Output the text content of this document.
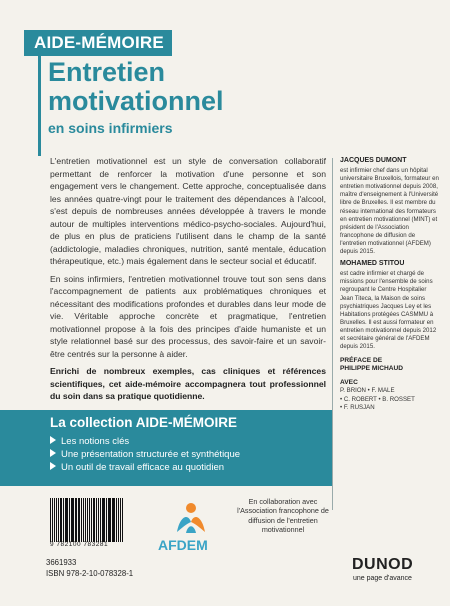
AIDE-MÉMOIRE
Entretien
motivationnel
en soins infirmiers

L'entretien motivationnel est un style de conversation collaboratif permettant de renforcer la motivation d'une personne et son engagement vers le changement. Cette approche, conceptualisée dans les années quatre-vingt pour le traitement des dépendances à l'alcool, s'est depuis de nombreuses années développée à travers le monde autour de multiples interventions médico-psycho-sociales. Aujourd'hui, de plus en plus de praticiens l'utilisent dans le champ de la santé (addictologie, maladies chroniques, nutrition, santé mentale, éducation thérapeutique, etc.) mais également dans le secteur social et éducatif.

En soins infirmiers, l'entretien motivationnel trouve tout son sens dans l'accompagnement de patients aux problématiques chroniques et nécessitant des modifications profondes et durables dans leur mode de vie. Véritable approche concrète et pragmatique, l'entretien motivationnel propose à la fois des principes d'aide humaniste et un style relationnel basé sur des processus, des savoir-faire et un savoir-être centrés sur la personne à aider.

Enrichi de nombreux exemples, cas cliniques et références scientifiques, cet aide-mémoire accompagnera tout professionnel du soin dans sa pratique quotidienne.

JACQUES DUMONT
est infirmier chef dans un hôpital universitaire Bruxellois, formateur en entretien motivationnel depuis 2008, maître d'enseignement à l'Université libre de Bruxelles. Il est membre du réseau international des formateurs en entretien motivationnel (MINT) et président de l'Association francophone de diffusion de l'entretien motivationnel (AFDEM) depuis 2015.
MOHAMED STITOU
est cadre infirmier et chargé de missions pour l'ensemble de soins regroupant le Centre Hospitalier Jean Titeca, la Maison de soins psychiatriques Jacques Ley et les Habitations protégées CASMMU à Bruxelles. Il est aussi formateur en entretien motivationnel depuis 2012 et secrétaire général de l'AFDEM depuis 2015.
PRÉFACE DE
PHILIPPE MICHAUD
AVEC
P. BRION • F. MALE
• C. ROBERT • B. ROSSET
• F. RUSJAN
La collection AIDE-MÉMOIRE
Les notions clés
Une présentation structurée et synthétique
Un outil de travail efficace au quotidien
9 782100 783281
3661933
ISBN 978-2-10-078328-1
AFDEM
En collaboration avec l'Association francophone de diffusion de l'entretien motivationnel
DUNOD
une page d'avance
